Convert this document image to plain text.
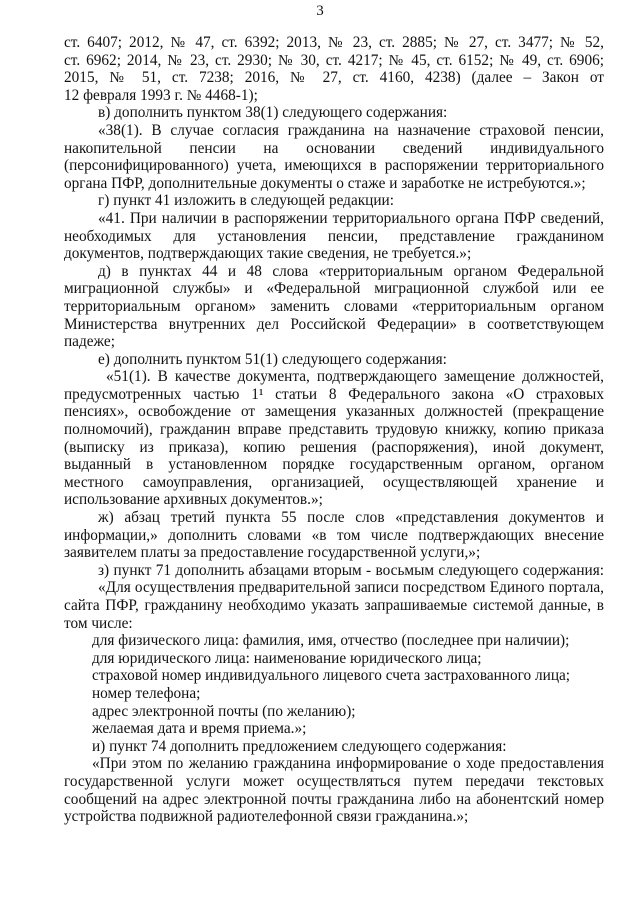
3
ст. 6407; 2012, № 47, ст. 6392; 2013, № 23, ст. 2885; № 27, ст. 3477; № 52,
ст. 6962; 2014, № 23, ст. 2930; № 30, ст. 4217; № 45, ст. 6152; № 49, ст. 6906;
2015, № 51, ст. 7238; 2016, № 27, ст. 4160, 4238) (далее – Закон от
12 февраля 1993 г. № 4468-1);
в) дополнить пунктом 38(1) следующего содержания:
«38(1). В случае согласия гражданина на назначение страховой пенсии,
накопительной пенсии на основании сведений индивидуального
(персонифицированного) учета, имеющихся в распоряжении территориального
органа ПФР, дополнительные документы о стаже и заработке не истребуются.»;
г) пункт 41 изложить в следующей редакции:
«41. При наличии в распоряжении территориального органа ПФР сведений,
необходимых для установления пенсии, представление гражданином
документов, подтверждающих такие сведения, не требуется.»;
д) в пунктах 44 и 48 слова «территориальным органом Федеральной
миграционной службы» и «Федеральной миграционной службой или ее
территориальным органом» заменить словами «территориальным органом
Министерства внутренних дел Российской Федерации» в соответствующем
падеже;
е) дополнить пунктом 51(1) следующего содержания:
«51(1). В качестве документа, подтверждающего замещение должностей,
предусмотренных частью 1¹ статьи 8 Федерального закона «О страховых
пенсиях», освобождение от замещения указанных должностей (прекращение
полномочий), гражданин вправе представить трудовую книжку, копию приказа
(выписку из приказа), копию решения (распоряжения), иной документ,
выданный в установленном порядке государственным органом, органом
местного самоуправления, организацией, осуществляющей хранение и
использование архивных документов.»;
ж) абзац третий пункта 55 после слов «представления документов и
информации,» дополнить словами «в том числе подтверждающих внесение
заявителем платы за предоставление государственной услуги,»;
з) пункт 71 дополнить абзацами вторым - восьмым следующего содержания:
«Для осуществления предварительной записи посредством Единого портала,
сайта ПФР, гражданину необходимо указать запрашиваемые системой данные, в
том числе:
для физического лица: фамилия, имя, отчество (последнее при наличии);
для юридического лица: наименование юридического лица;
страховой номер индивидуального лицевого счета застрахованного лица;
номер телефона;
адрес электронной почты (по желанию);
желаемая дата и время приема.»;
и) пункт 74 дополнить предложением следующего содержания:
«При этом по желанию гражданина информирование о ходе предоставления
государственной услуги может осуществляться путем передачи текстовых
сообщений на адрес электронной почты гражданина либо на абонентский номер
устройства подвижной радиотелефонной связи гражданина.»;
